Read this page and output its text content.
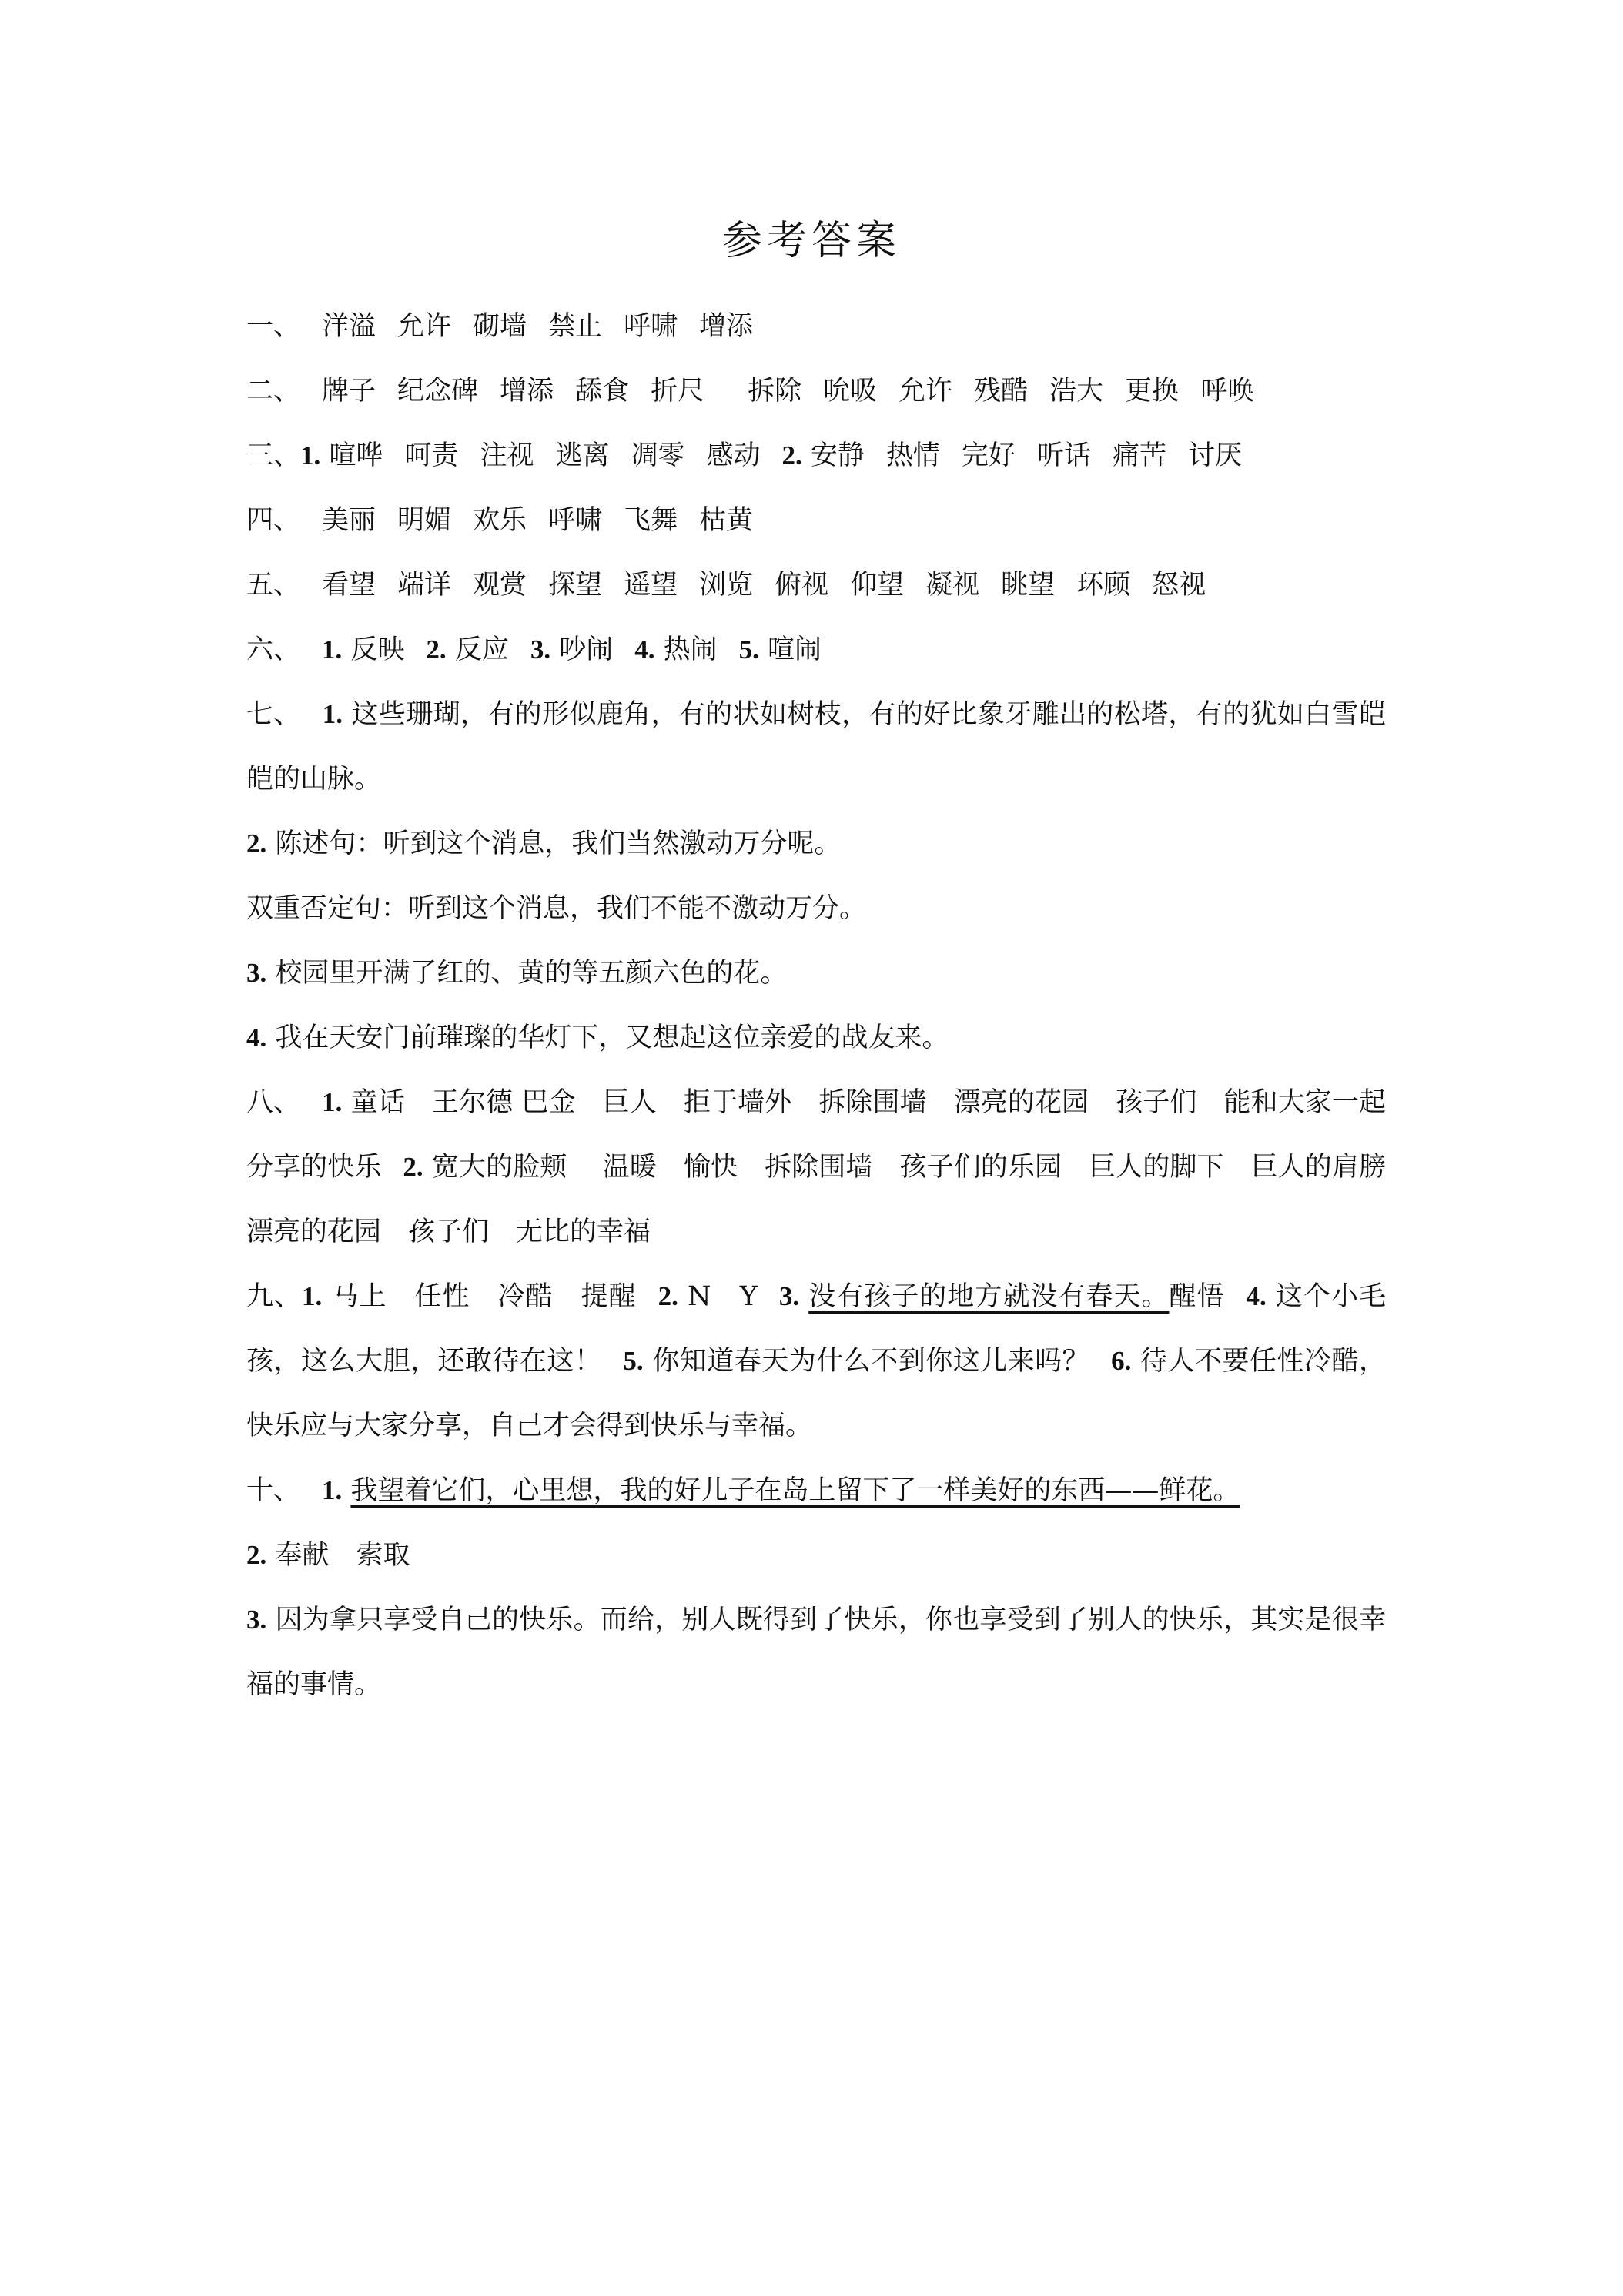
参考答案
一、 洋溢 允许 砌墙 禁止 呼啸 增添
二、 牌子 纪念碑 增添 舔食 折尺 拆除 吮吸 允许 残酷 浩大 更换 呼唤
三、1. 喧哗 呵责 注视 逃离 凋零 感动 2. 安静 热情 完好 听话 痛苦 讨厌
四、 美丽 明媚 欢乐 呼啸 飞舞 枯黄
五、 看望 端详 观赏 探望 遥望 浏览 俯视 仰望 凝视 眺望 环顾 怒视
六、 1. 反映 2. 反应 3. 吵闹 4. 热闹 5. 喧闹
七、 1. 这些珊瑚，有的形似鹿角，有的状如树枝，有的好比象牙雕出的松塔，有的犹如白雪皑皑的山脉。
2. 陈述句：听到这个消息，我们当然激动万分呢。
双重否定句：听到这个消息，我们不能不激动万分。
3. 校园里开满了红的、黄的等五颜六色的花。
4. 我在天安门前璀璨的华灯下，又想起这位亲爱的战友来。
八、 1. 童话　王尔德 巴金　巨人　拒于墙外　拆除围墙　漂亮的花园　孩子们　能和大家一起分享的快乐 2. 宽大的脸颊　 温暖　愉快　拆除围墙　孩子们的乐园　巨人的脚下　巨人的肩膀　漂亮的花园　孩子们　无比的幸福
九、1. 马上　任性　冷酷　提醒 2. N　Y 3. 没有孩子的地方就没有春天。醒悟 4. 这个小毛孩，这么大胆，还敢待在这！ 5. 你知道春天为什么不到你这儿来吗？ 6. 待人不要任性冷酷，快乐应与大家分享，自己才会得到快乐与幸福。
十、 1. 我望着它们，心里想，我的好儿子在岛上留下了一样美好的东西——鲜花。
2. 奉献　索取
3. 因为拿只享受自己的快乐。而给，别人既得到了快乐，你也享受到了别人的快乐，其实是很幸福的事情。
